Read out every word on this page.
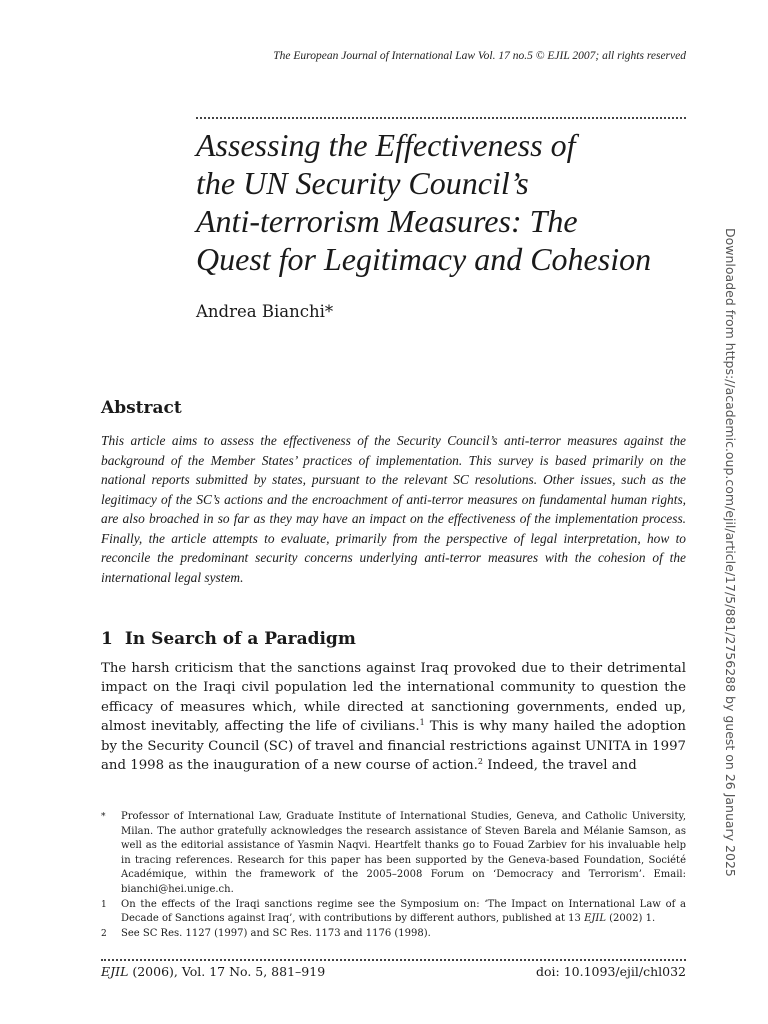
The European Journal of International Law Vol. 17 no.5 © EJIL 2007; all rights reserved
Assessing the Effectiveness of
the UN Security Council’s
Anti-terrorism Measures: The
Quest for Legitimacy and Cohesion
Andrea Bianchi*	Downloaded from https://academic.oup.com/ejil/article/17/5/881/2756288 by guest on 26 January 2025
Abstract

This article aims to assess the effectiveness of the Security Council’s anti-terror measures against the background of the Member States’ practices of implementation. This survey is based primarily on the national reports submitted by states, pursuant to the relevant SC resolutions. Other issues, such as the legitimacy of the SC’s actions and the encroachment of anti-terror measures on fundamental human rights, are also broached in so far as they may have an impact on the effectiveness of the implementation process. Finally, the article attempts to evaluate, primarily from the perspective of legal interpretation, how to reconcile the predominant security concerns underlying anti-terror measures with the cohesion of the international legal system.

1 In Search of a Paradigm

The harsh criticism that the sanctions against Iraq provoked due to their detrimental impact on the Iraqi civil population led the international community to question the efficacy of measures which, while directed at sanctioning governments, ended up, almost inevitably, affecting the life of civilians.$^1$ This is why many hailed the adoption by the Security Council (SC) of travel and financial restrictions against UNITA in 1997 and 1998 as the inauguration of a new course of action.$^2$ Indeed, the travel and

*	Professor of International Law, Graduate Institute of International Studies, Geneva, and Catholic University, Milan. The author gratefully acknowledges the research assistance of Steven Barela and Mélanie Samson, as well as the editorial assistance of Yasmin Naqvi. Heartfelt thanks go to Fouad Zarbiev for his invaluable help in tracing references. Research for this paper has been supported by the Geneva-based Foundation, Société Académique, within the framework of the 2005–2008 Forum on ‘Democracy and Terrorism’. Email: bianchi@hei.unige.ch.
1	On the effects of the Iraqi sanctions regime see the Symposium on: ‘The Impact on International Law of a Decade of Sanctions against Iraq’, with contributions by different authors, published at 13 EJIL (2002) 1.
2	See SC Res. 1127 (1997) and SC Res. 1173 and 1176 (1998).
EJIL (2006), Vol. 17 No. 5, 881–919	doi: 10.1093/ejil/chl032
